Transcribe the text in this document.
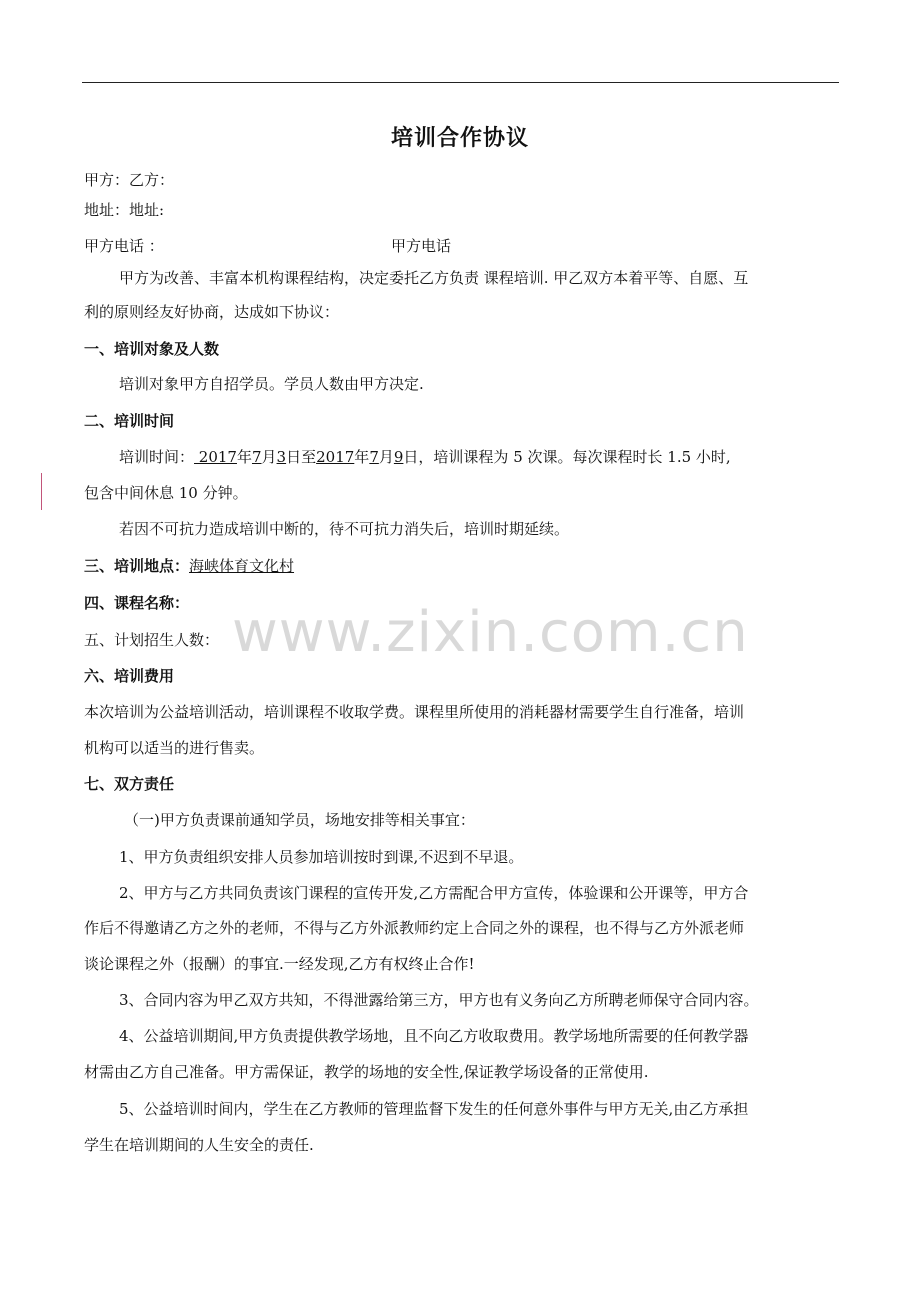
培训合作协议
甲方：乙方：
地址：地址:
甲方电话 ：	甲方电话
甲方为改善、丰富本机构课程结构，决定委托乙方负责 课程培训. 甲乙双方本着平等、自愿、互
利的原则经友好协商，达成如下协议：
一、培训对象及人数
培训对象甲方自招学员。学员人数由甲方决定.
二、培训时间
培训时间： 2017年7月3日至2017年7月9日，培训课程为 5 次课。每次课程时长 1.5 小时,
包含中间休息 10 分钟。
若因不可抗力造成培训中断的，待不可抗力消失后，培训时期延续。
三、培训地点：海峡体育文化村
四、课程名称：
五、计划招生人数： www.zixin.com.cn
六、培训费用
本次培训为公益培训活动，培训课程不收取学费。课程里所使用的消耗器材需要学生自行准备，培训
机构可以适当的进行售卖。
七、双方责任
（一)甲方负责课前通知学员，场地安排等相关事宜：
1、甲方负责组织安排人员参加培训按时到课,不迟到不早退。
2、甲方与乙方共同负责该门课程的宣传开发,乙方需配合甲方宣传，体验课和公开课等，甲方合
作后不得邀请乙方之外的老师，不得与乙方外派教师约定上合同之外的课程，也不得与乙方外派老师
谈论课程之外（报酬）的事宜.一经发现,乙方有权终止合作!
3、合同内容为甲乙双方共知，不得泄露给第三方，甲方也有义务向乙方所聘老师保守合同内容。
4、公益培训期间,甲方负责提供教学场地，且不向乙方收取费用。教学场地所需要的任何教学器
材需由乙方自己准备。甲方需保证，教学的场地的安全性,保证教学场设备的正常使用.
5、公益培训时间内，学生在乙方教师的管理监督下发生的任何意外事件与甲方无关,由乙方承担
学生在培训期间的人生安全的责任.
